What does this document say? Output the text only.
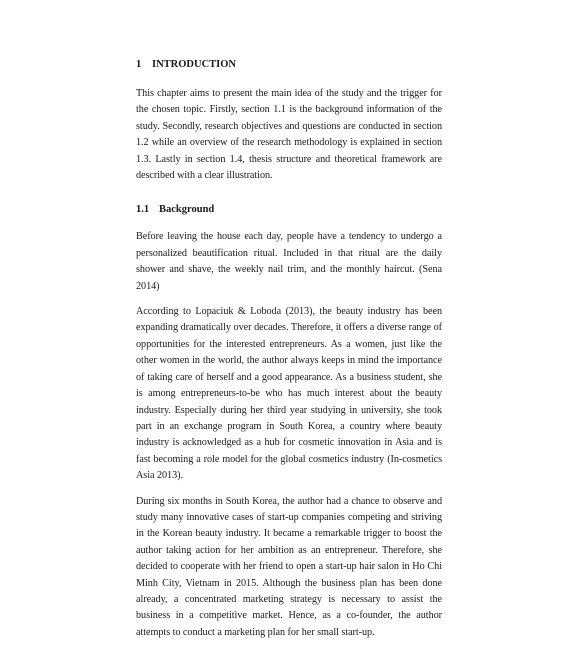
1 INTRODUCTION

This chapter aims to present the main idea of the study and the trigger for the chosen topic. Firstly, section 1.1 is the background information of the study. Secondly, research objectives and questions are conducted in section 1.2 while an overview of the research methodology is explained in section 1.3. Lastly in section 1.4, thesis structure and theoretical framework are described with a clear illustration.

1.1 Background

Before leaving the house each day, people have a tendency to undergo a personalized beautification ritual. Included in that ritual are the daily shower and shave, the weekly nail trim, and the monthly haircut. (Sena 2014)

According to Lopaciuk & Loboda (2013), the beauty industry has been expanding dramatically over decades. Therefore, it offers a diverse range of opportunities for the interested entrepreneurs. As a women, just like the other women in the world, the author always keeps in mind the importance of taking care of herself and a good appearance. As a business student, she is among entrepreneurs-to-be who has much interest about the beauty industry. Especially during her third year studying in university, she took part in an exchange program in South Korea, a country where beauty industry is acknowledged as a hub for cosmetic innovation in Asia and is fast becoming a role model for the global cosmetics industry (In-cosmetics Asia 2013).

During six months in South Korea, the author had a chance to observe and study many innovative cases of start-up companies competing and striving in the Korean beauty industry. It became a remarkable trigger to boost the author taking action for her ambition as an entrepreneur. Therefore, she decided to cooperate with her friend to open a start-up hair salon in Ho Chi Minh City, Vietnam in 2015. Although the business plan has been done already, a concentrated marketing strategy is necessary to assist the business in a competitive market. Hence, as a co-founder, the author attempts to conduct a marketing plan for her small start-up.
